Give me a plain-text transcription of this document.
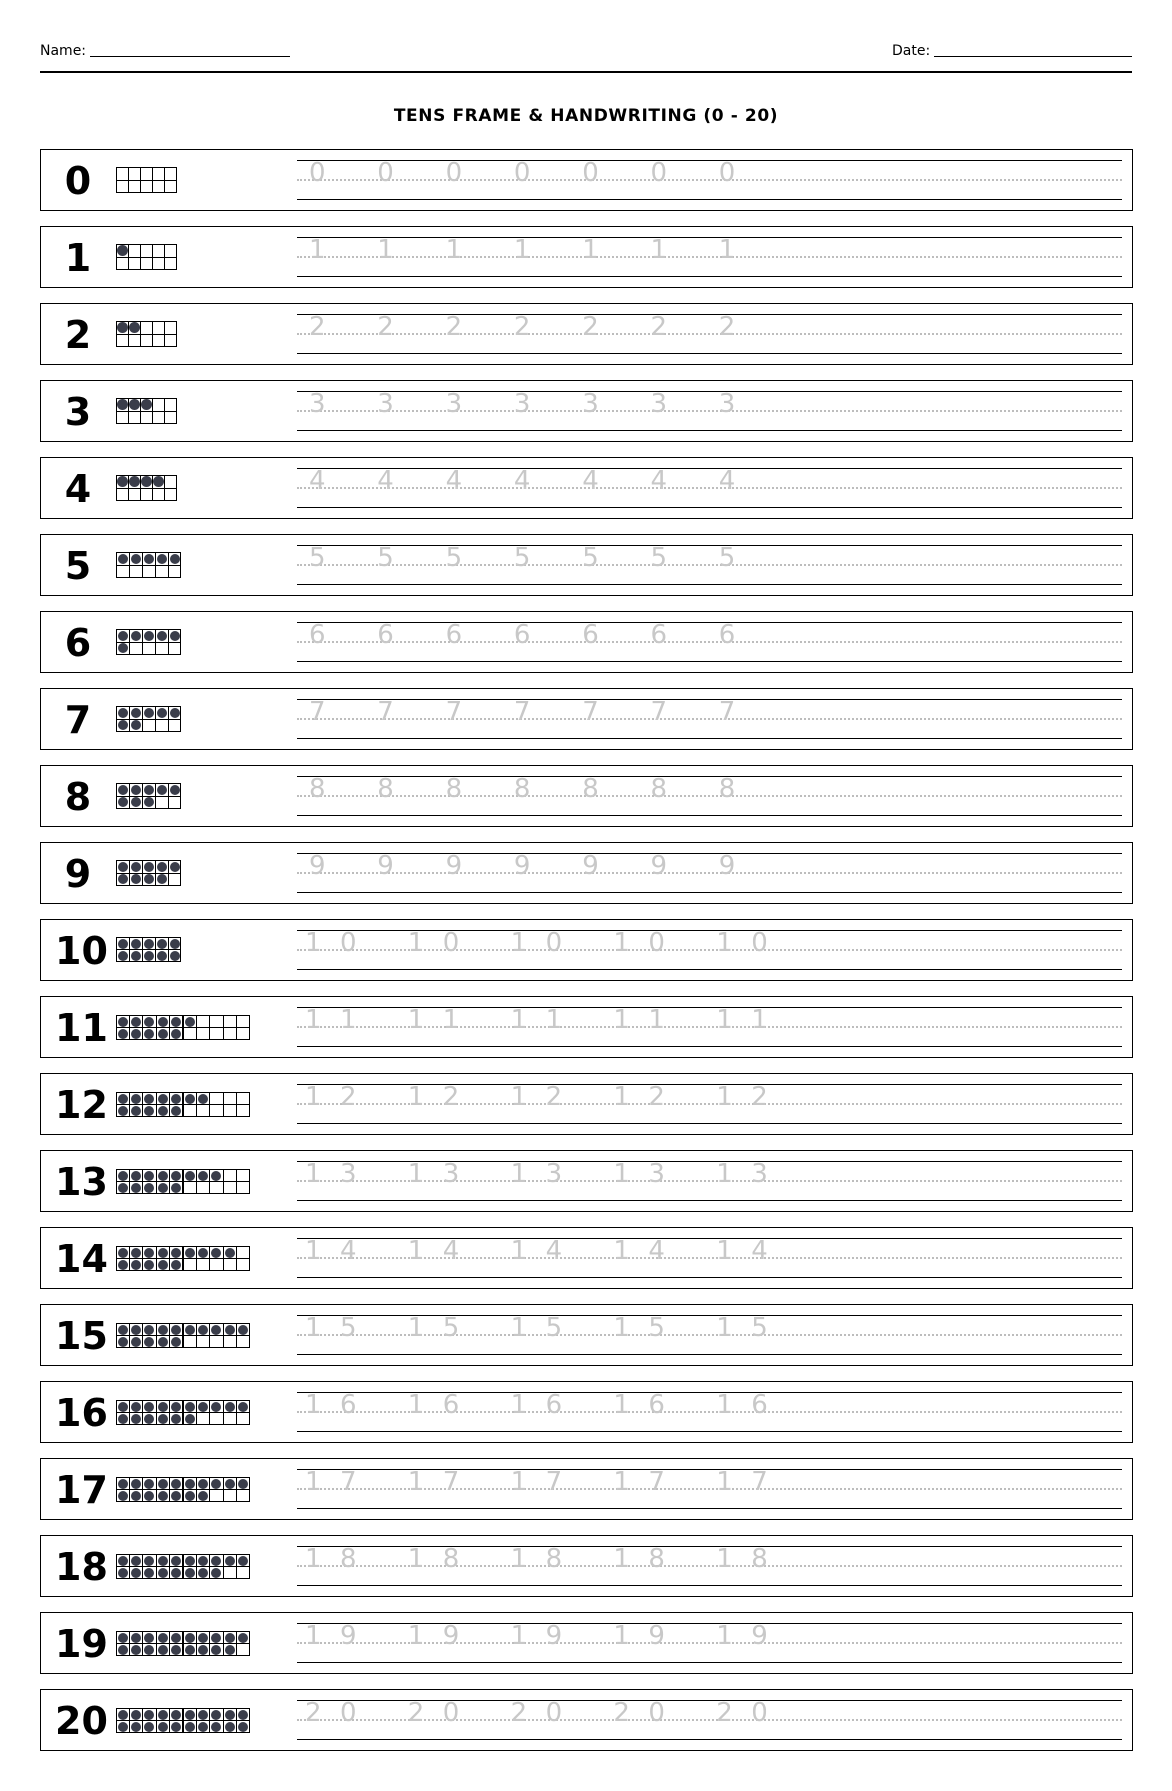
Name:	Date:
TENS FRAME & HANDWRITING (0 - 20)
0	0 0 0 0 0 0 0
1	1 1 1 1 1 1 1
2	2 2 2 2 2 2 2
3	3 3 3 3 3 3 3
4	4 4 4 4 4 4 4
5	5 5 5 5 5 5 5
6	6 6 6 6 6 6 6
7	7 7 7 7 7 7 7
8	8 8 8 8 8 8 8
9	9 9 9 9 9 9 9
10	1 0 1 0 1 0 1 0 1 0
11	1 1 1 1 1 1 1 1 1 1
12	1 2 1 2 1 2 1 2 1 2
13	1 3 1 3 1 3 1 3 1 3
14	1 4 1 4 1 4 1 4 1 4
15	1 5 1 5 1 5 1 5 1 5
16	1 6 1 6 1 6 1 6 1 6
17	1 7 1 7 1 7 1 7 1 7
18	1 8 1 8 1 8 1 8 1 8
19	1 9 1 9 1 9 1 9 1 9
20	2 0 2 0 2 0 2 0 2 0
